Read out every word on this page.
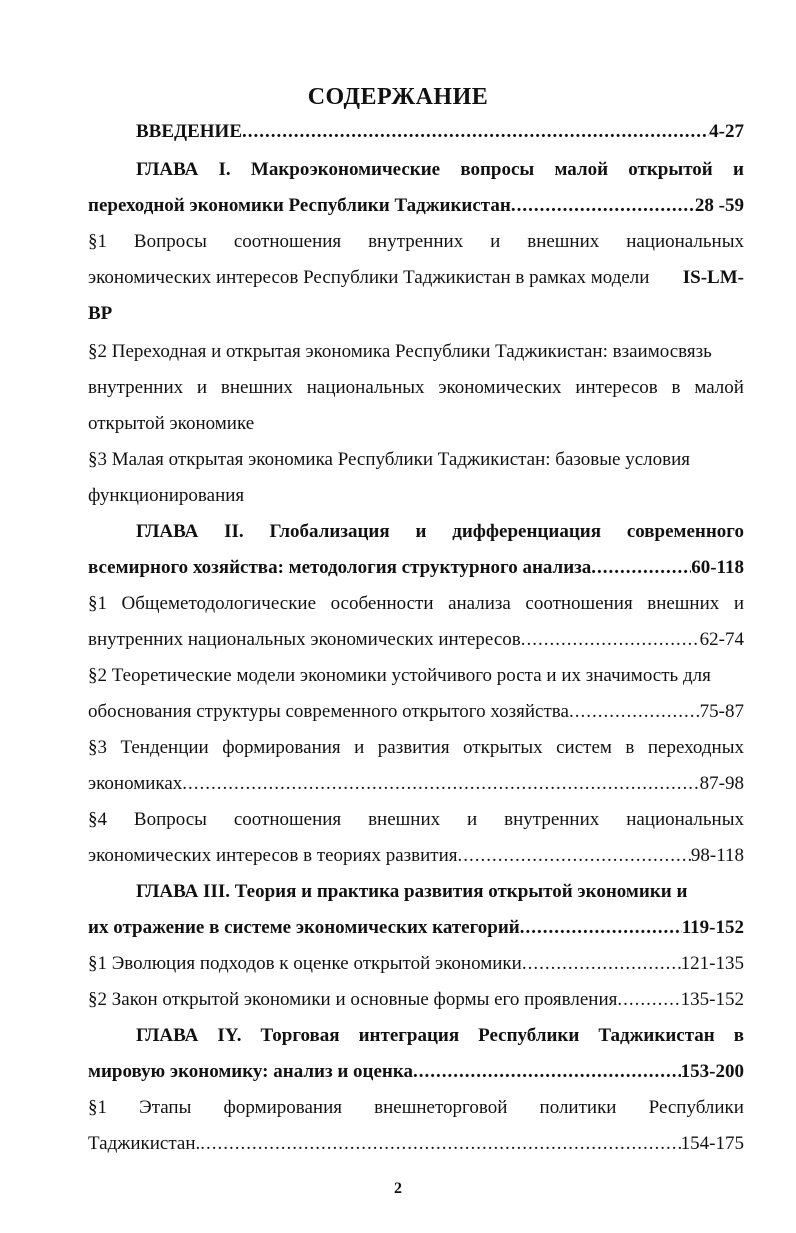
СОДЕРЖАНИЕ
ВВЕДЕНИЕ .....	4-27
ГЛАВА I. Макроэкономические вопросы малой открытой и
переходной экономики Республики Таджикистан .....	28 -59
§1 Вопросы соотношения внутренних и внешних национальных
экономических интересов Республики Таджикистан в рамках модели IS-LM-
BP
§2 Переходная и открытая экономика Республики Таджикистан: взаимосвязь
внутренних и внешних национальных экономических интересов в малой
открытой экономике
§3 Малая открытая экономика Республики Таджикистан: базовые условия
функционирования
ГЛАВА II. Глобализация и дифференциация современного
всемирного хозяйства: методология структурного анализа .....	60-118
§1 Общеметодологические особенности анализа соотношения внешних и
внутренних национальных экономических интересов .....	62-74
§2 Теоретические модели экономики устойчивого роста и их значимость для
обоснования структуры современного открытого хозяйства .....	75-87
§3 Тенденции формирования и развития открытых систем в переходных
экономиках .....	87-98
§4 Вопросы соотношения внешних и внутренних национальных
экономических интересов в теориях развития .....	98-118
ГЛАВА III. Теория и практика развития открытой экономики и
их отражение в системе экономических категорий .....	119-152
§1 Эволюция подходов к оценке открытой экономики .....	121-135
§2 Закон открытой экономики и основные формы его проявления .....	135-152
ГЛАВА IY. Торговая интеграция Республики Таджикистан в
мировую экономику: анализ и оценка .....	153-200
§1 Этапы формирования внешнеторговой политики Республики
Таджикистан. .....	154-175
2
